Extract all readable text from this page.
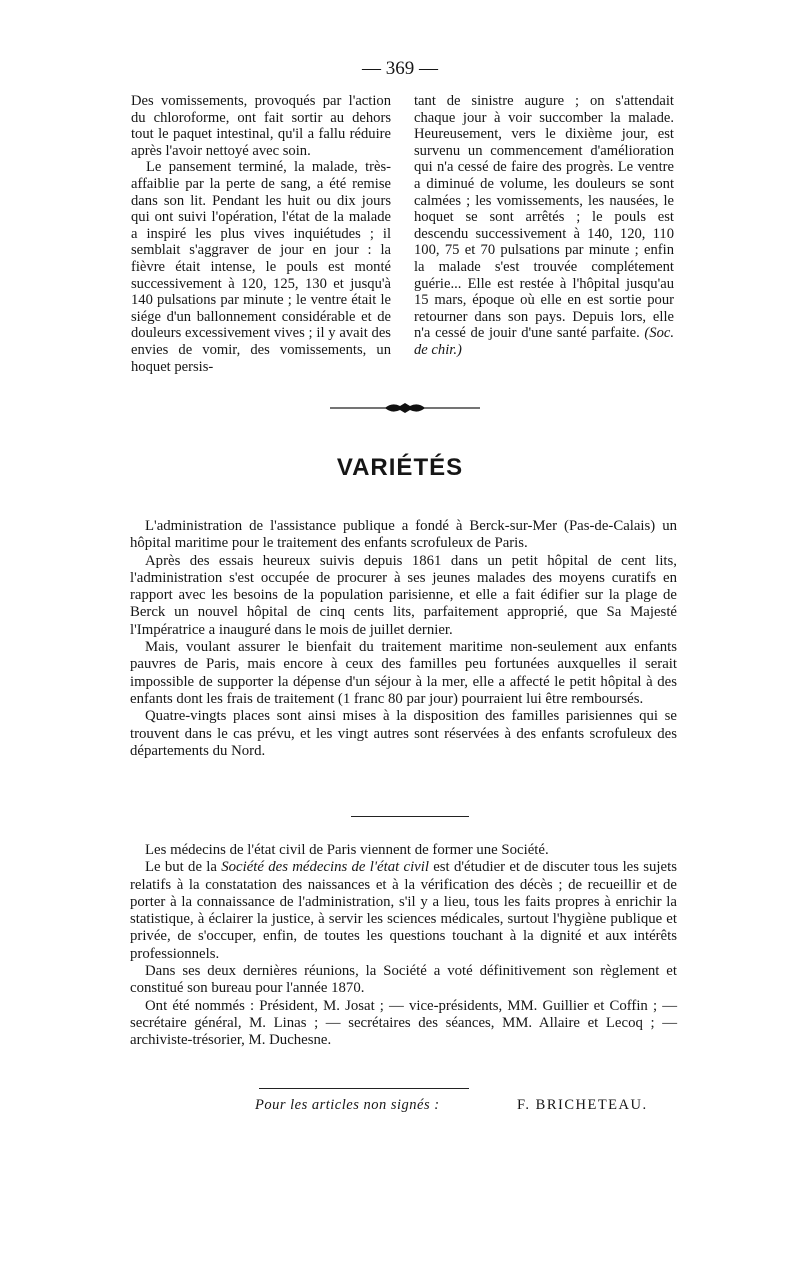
— 369 —

Des vomissements, provoqués par l'action du chloroforme, ont fait sortir au dehors tout le paquet intestinal, qu'il a fallu réduire après l'avoir nettoyé avec soin.

Le pansement terminé, la malade, très-affaiblie par la perte de sang, a été remise dans son lit. Pendant les huit ou dix jours qui ont suivi l'opération, l'état de la malade a inspiré les plus vives inquiétudes ; il semblait s'aggraver de jour en jour : la fièvre était intense, le pouls est monté successivement à 120, 125, 130 et jusqu'à 140 pulsations par minute ; le ventre était le siége d'un ballonnement considérable et de douleurs excessivement vives ; il y avait des envies de vomir, des vomissements, un hoquet persis-

tant de sinistre augure ; on s'attendait chaque jour à voir succomber la malade. Heureusement, vers le dixième jour, est survenu un commencement d'amélioration qui n'a cessé de faire des progrès. Le ventre a diminué de volume, les douleurs se sont calmées ; les vomissements, les nausées, le hoquet se sont arrêtés ; le pouls est descendu successivement à 140, 120, 110 100, 75 et 70 pulsations par minute ; enfin la malade s'est trouvée complétement guérie... Elle est restée à l'hôpital jusqu'au 15 mars, époque où elle en est sortie pour retourner dans son pays. Depuis lors, elle n'a cessé de jouir d'une santé parfaite. (Soc. de chir.)

VARIÉTÉS

L'administration de l'assistance publique a fondé à Berck-sur-Mer (Pas-de-Calais) un hôpital maritime pour le traitement des enfants scrofuleux de Paris.

Après des essais heureux suivis depuis 1861 dans un petit hôpital de cent lits, l'administration s'est occupée de procurer à ses jeunes malades des moyens curatifs en rapport avec les besoins de la population parisienne, et elle a fait édifier sur la plage de Berck un nouvel hôpital de cinq cents lits, parfaitement approprié, que Sa Majesté l'Impératrice a inauguré dans le mois de juillet dernier.

Mais, voulant assurer le bienfait du traitement maritime non-seulement aux enfants pauvres de Paris, mais encore à ceux des familles peu fortunées auxquelles il serait impossible de supporter la dépense d'un séjour à la mer, elle a affecté le petit hôpital à des enfants dont les frais de traitement (1 franc 80 par jour) pourraient lui être remboursés.

Quatre-vingts places sont ainsi mises à la disposition des familles parisiennes qui se trouvent dans le cas prévu, et les vingt autres sont réservées à des enfants scrofuleux des départements du Nord.

Les médecins de l'état civil de Paris viennent de former une Société.

Le but de la Société des médecins de l'état civil est d'étudier et de discuter tous les sujets relatifs à la constatation des naissances et à la vérification des décès ; de recueillir et de porter à la connaissance de l'administration, s'il y a lieu, tous les faits propres à enrichir la statistique, à éclairer la justice, à servir les sciences médicales, surtout l'hygiène publique et privée, de s'occuper, enfin, de toutes les questions touchant à la dignité et aux intérêts professionnels.

Dans ses deux dernières réunions, la Société a voté définitivement son règlement et constitué son bureau pour l'année 1870.

Ont été nommés : Président, M. Josat ; — vice-présidents, MM. Guillier et Coffin ; — secrétaire général, M. Linas ; — secrétaires des séances, MM. Allaire et Lecoq ; — archiviste-trésorier, M. Duchesne.

Pour les articles non signés :	F. BRICHETEAU.
